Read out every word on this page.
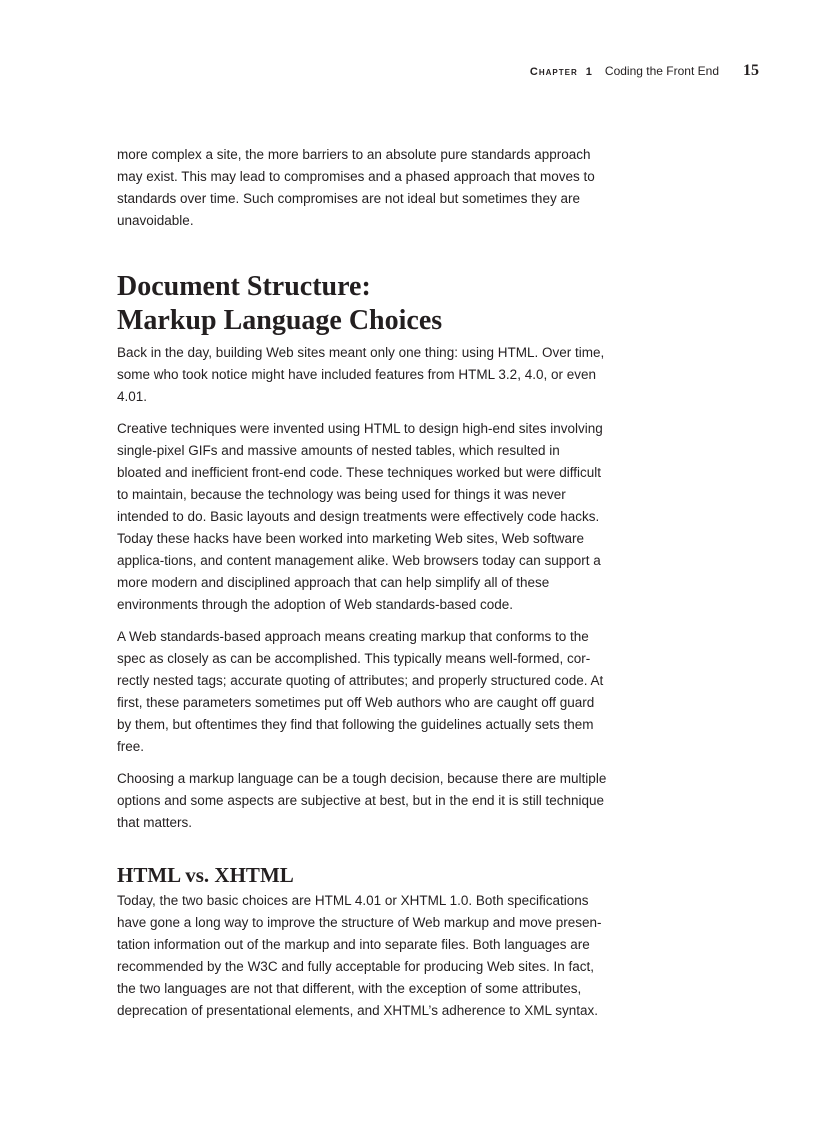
Chapter 1 Coding the Front End 15

more complex a site, the more barriers to an absolute pure standards approach may exist. This may lead to compromises and a phased approach that moves to standards over time. Such compromises are not ideal but sometimes they are unavoidable.

Document Structure:
Markup Language Choices

Back in the day, building Web sites meant only one thing: using HTML. Over time, some who took notice might have included features from HTML 3.2, 4.0, or even 4.01.

Creative techniques were invented using HTML to design high-end sites involving single-pixel GIFs and massive amounts of nested tables, which resulted in bloated and inefficient front-end code. These techniques worked but were difficult to maintain, because the technology was being used for things it was never intended to do. Basic layouts and design treatments were effectively code hacks. Today these hacks have been worked into marketing Web sites, Web software applica-tions, and content management alike. Web browsers today can support a more modern and disciplined approach that can help simplify all of these environments through the adoption of Web standards-based code.

A Web standards-based approach means creating markup that conforms to the spec as closely as can be accomplished. This typically means well-formed, cor-rectly nested tags; accurate quoting of attributes; and properly structured code. At first, these parameters sometimes put off Web authors who are caught off guard by them, but oftentimes they find that following the guidelines actually sets them free.

Choosing a markup language can be a tough decision, because there are multiple options and some aspects are subjective at best, but in the end it is still technique that matters.

HTML vs. XHTML

Today, the two basic choices are HTML 4.01 or XHTML 1.0. Both specifications have gone a long way to improve the structure of Web markup and move presen-tation information out of the markup and into separate files. Both languages are recommended by the W3C and fully acceptable for producing Web sites. In fact, the two languages are not that different, with the exception of some attributes, deprecation of presentational elements, and XHTML’s adherence to XML syntax.
